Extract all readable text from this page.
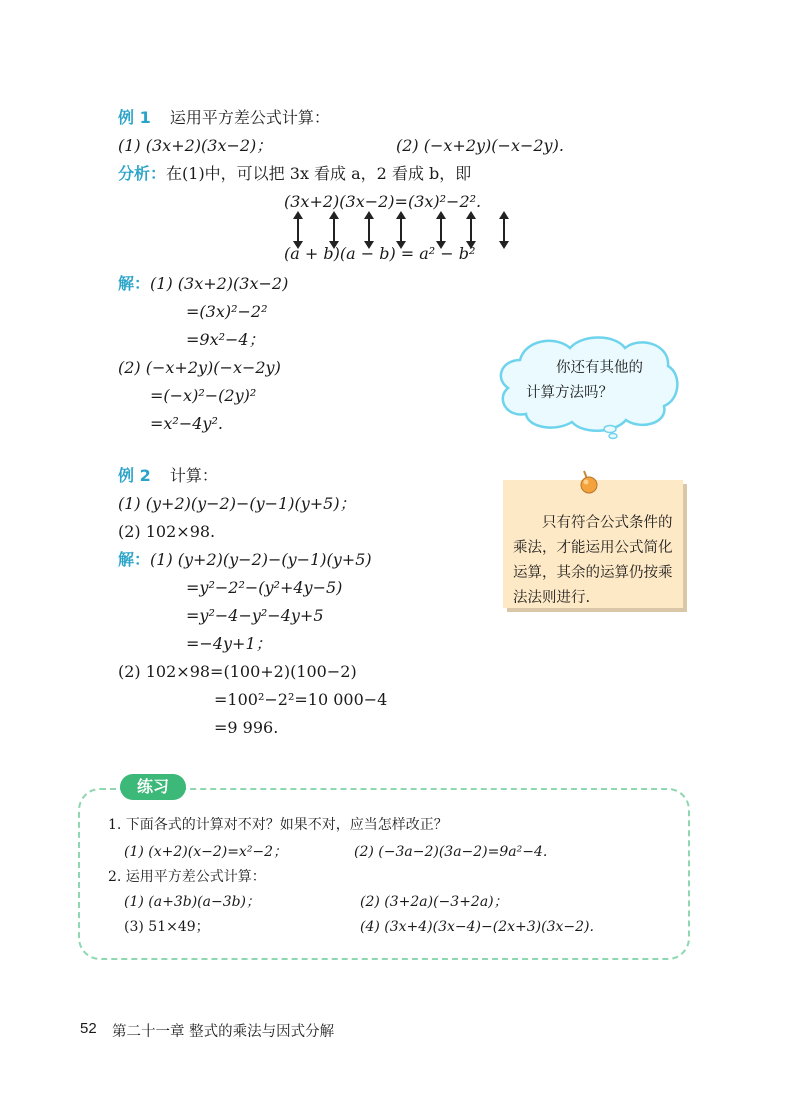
例 1 运用平方差公式计算：
(1) (3x+2)(3x−2)；	(2) (−x+2y)(−x−2y).
分析：在(1)中，可以把 3x 看成 a，2 看成 b，即
(3x+2)(3x−2)=(3x)²−2².
(a + b)(a − b) = a² − b²
解：(1) (3x+2)(3x−2)
=(3x)²−2²
=9x²−4；
(2) (−x+2y)(−x−2y)
=(−x)²−(2y)²
=x²−4y².
你还有其他的
计算方法吗？
例 2 计算：
(1) (y+2)(y−2)−(y−1)(y+5)；
(2) 102×98.
解：(1) (y+2)(y−2)−(y−1)(y+5)
=y²−2²−(y²+4y−5)
=y²−4−y²−4y+5
=−4y+1；
(2) 102×98=(100+2)(100−2)
=100²−2²=10 000−4
=9 996.
只有符合公式条件的乘法，才能运用公式简化运算，其余的运算仍按乘法法则进行.
练习
1. 下面各式的计算对不对？如果不对，应当怎样改正？
(1) (x+2)(x−2)=x²−2；	(2) (−3a−2)(3a−2)=9a²−4.
2. 运用平方差公式计算：
(1) (a+3b)(a−3b)；	(2) (3+2a)(−3+2a)；
(3) 51×49；	(4) (3x+4)(3x−4)−(2x+3)(3x−2).
52 第二十一章 整式的乘法与因式分解
